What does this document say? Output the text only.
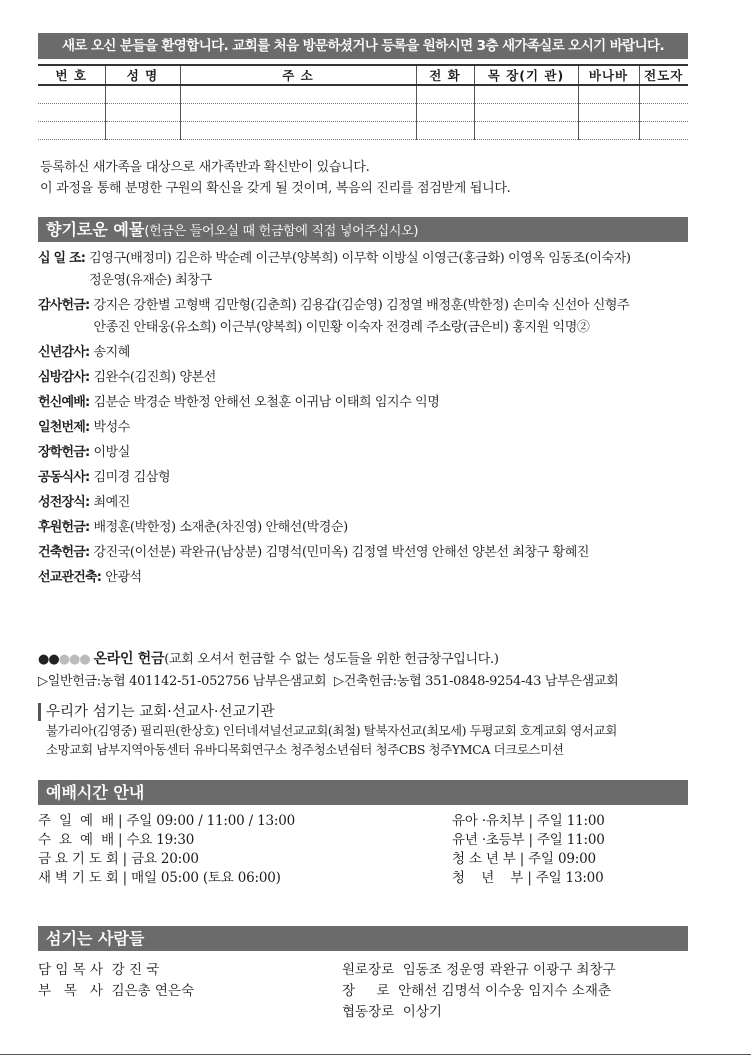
새로 오신 분들을 환영합니다. 교회를 처음 방문하셨거나 등록을 원하시면 3층 새가족실로 오시기 바랍니다.
번 호	성 명	주 소	전 화	목 장(기 관)	바나바	전도자

등록하신 새가족을 대상으로 새가족반과 확신반이 있습니다.
이 과정을 통해 분명한 구원의 확신을 갖게 될 것이며, 복음의 진리를 점검받게 됩니다.
향기로운 예물(헌금은 들어오실 때 헌금함에 직접 넣어주십시오)
십 일 조: 김영구(배정미) 김은하 박순례 이근부(양복희) 이무학 이방실 이영근(홍금화) 이영옥 임동조(이숙자)
정운영(유재순) 최창구
감사헌금: 강지은 강한별 고형백 김만형(김춘희) 김용갑(김순영) 김정열 배정훈(박한정) 손미숙 신선아 신형주
안종진 안태웅(유소희) 이근부(양복희) 이민황 이숙자 전경례 주소랑(금은비) 홍지원 익명②
신년감사: 송지혜
심방감사: 김완수(김진희) 양본선
헌신예배: 김분순 박경순 박한정 안해선 오철훈 이귀남 이태희 임지수 익명
일천번제: 박성수
장학헌금: 이방실
공동식사: 김미경 김삼형
성전장식: 최예진
후원헌금: 배정훈(박한정) 소재춘(차진영) 안해선(박경순)
건축헌금: 강진국(이선분) 곽완규(남상분) 김명석(민미옥) 김정열 박선영 안해선 양본선 최창구 황혜진
선교관건축: 안광석
●●●●● 온라인 헌금(교회 오셔서 헌금할 수 없는 성도들을 위한 헌금창구입니다.)
▷일반헌금:농협 401142-51-052756 남부은샘교회 ▷건축헌금:농협 351-0848-9254-43 남부은샘교회
우리가 섬기는 교회·선교사·선교기관
불가리아(김영중) 필리핀(한상호) 인터네셔널선교교회(최철) 탈북자선교(최모세) 두평교회 호계교회 영서교회
소망교회 남부지역아동센터 유바디목회연구소 청주청소년쉼터 청주CBS 청주YMCA 더크로스미션
예배시간 안내
주  일  예  배 | 주일 09:00 / 11:00 / 13:00
수  요  예  배 | 수요 19:30
금 요 기 도 회 | 금요 20:00
새 벽 기 도 회 | 매일 05:00 (토요 06:00)
유아 ·유치부 | 주일 11:00
유년 ·초등부 | 주일 11:00
청 소 년 부 | 주일 09:00
청    년    부 | 주일 13:00
섬기는 사람들
담 임 목 사  강 진 국
부   목   사  김은총 연은숙
원로장로  임동조 정운영 곽완규 이광구 최창구
장     로  안해선 김명석 이수웅 임지수 소재춘
협동장로  이상기
